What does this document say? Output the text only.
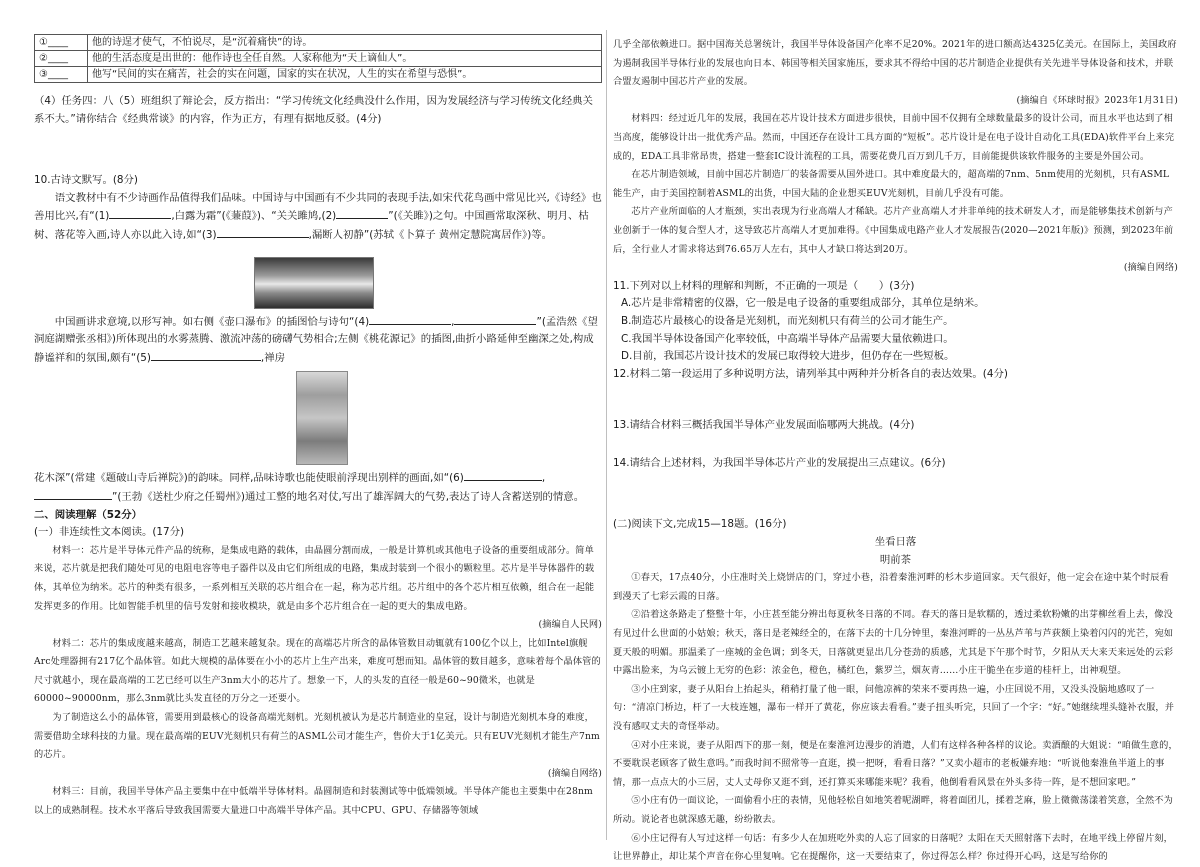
①____	他的诗逞才使气，不怕说尽，是“沉着痛快”的诗。
②____	他的生活态度是出世的：他作诗也全任自然。人家称他为“天上谪仙人”。
③____	他写“民间的实在痛苦，社会的实在问题，国家的实在状况，人生的实在希望与恐惧”。

（4）任务四：八（5）班组织了辩论会，反方指出：“学习传统文化经典没什么作用，因为发展经济与学习传统文化经典关系不大。”请你结合《经典常谈》的内容，作为正方，有理有据地反驳。(4分)

10.古诗文默写。(8分)

语文教材中有不少诗画作品值得我们品味。中国诗与中国画有不少共同的表现手法,如宋代花鸟画中常见比兴,《诗经》也善用比兴,有“(1)	,白露为霜”(《蒹葭》)、“关关雎鸠,(2)	”(《关雎》)之句。中国画常取深秋、明月、枯树、落花等入画,诗人亦以此入诗,如“(3)	,漏断人初静”(苏轼《卜算子 黄州定慧院寓居作》)等。

中国画讲求意境,以形写神。如右侧《壶口瀑布》的插图恰与诗句“(4)	,	”(孟浩然《望洞庭湖赠张丞相》)所体现出的水雾蒸腾、激流冲荡的磅礴气势相合;左侧《桃花源记》的插图,曲折小路延伸至幽深之处,构成静谧祥和的氛围,颇有“(5)	,禅房

花木深”(常建《题破山寺后禅院》)的韵味。同样,品味诗歌也能使眼前浮现出别样的画面,如“(6)	,”(王勃《送杜少府之任蜀州》)通过工整的地名对仗,写出了雄浑阔大的气势,表达了诗人含蓄送别的情意。

二、阅读理解（52分）

(一）非连续性文本阅读。(17分)

材料一：芯片是半导体元件产品的统称，是集成电路的载体，由晶圆分割而成，一般是计算机或其他电子设备的重要组成部分。简单来说，芯片就是把我们随处可见的电阻电容等电子器件以及由它们所组成的电路，集成封装到一个很小的颗粒里。芯片是半导体器件的载体，其单位为纳米。芯片的种类有很多，一系列相互关联的芯片组合在一起，称为芯片组。芯片组中的各个芯片相互依赖，组合在一起能发挥更多的作用。比如智能手机里的信号发射和接收模块，就是由多个芯片组合在一起的更大的集成电路。

(摘编自人民网)

材料二：芯片的集成度越来越高，制造工艺越来越复杂。现在的高端芯片所含的晶体管数目动辄就有100亿个以上，比如Intel旗舰Arc处理器拥有217亿个晶体管。如此大规模的晶体要在小小的芯片上生产出来，难度可想而知。晶体管的数目越多，意味着每个晶体管的尺寸就越小，现在最高端的工艺已经可以生产3nm大小的芯片了。想象一下，人的头发的直径一般是60~90微米，也就是60000~90000nm，那么3nm就比头发直径的万分之一还要小。

为了制造这么小的晶体管，需要用到最核心的设备高端光刻机。光刻机被认为是芯片制造业的皇冠，设计与制造光刻机本身的难度，需要借助全球科技的力量。现在最高端的EUV光刻机只有荷兰的ASML公司才能生产，售价大于1亿美元。只有EUV光刻机才能生产7nm的芯片。

(摘编自网络)

材料三：目前，我国半导体产品主要集中在中低端半导体材料。晶圆制造和封装测试等中低端领域。半导体产能也主要集中在28nm以上的成熟制程。技术水平落后导致我国需要大量进口中高端半导体产品。其中CPU、GPU、存储器等领域

几乎全部依赖进口。据中国海关总署统计，我国半导体设备国产化率不足20%。2021年的进口额高达4325亿美元。在国际上，美国政府为遏制我国半导体行业的发展也向日本、韩国等相关国家施压，要求其不得给中国的芯片制造企业提供有关先进半导体设备和技术，并联合盟友遏制中国芯片产业的发展。

(摘编自《环球时报》2023年1月31日)

材料四：经过近几年的发展，我国在芯片设计技术方面进步很快，目前中国不仅拥有全球数量最多的设计公司，而且水平也达到了相当高度，能够设计出一批优秀产品。然而，中国还存在设计工具方面的“短板”。芯片设计是在电子设计自动化工具(EDA)软件平台上来完成的，EDA工具非常昂贵，搭建一整套IC设计流程的工具，需要花费几百万到几千万，目前能提供该软件服务的主要是外国公司。

在芯片制造领域，目前中国芯片制造厂的装备需要从国外进口。其中难度最大的，超高端的7nm、5nm使用的光刻机，只有ASML能生产，由于美国控制着ASML的出货，中国大陆的企业想买EUV光刻机，目前几乎没有可能。

芯片产业所面临的人才瓶颈，实出表现为行业高端人才稀缺。芯片产业高端人才并非单纯的技术研发人才，而是能够集技术创新与产业创新于一体的复合型人才，这导致芯片高端人才更加难得。《中国集成电路产业人才发展报告(2020—2021年版)》预测，到2023年前后，全行业人才需求将达到76.65万人左右，其中人才缺口将达到20万。

(摘编自网络)

11.下列对以上材料的理解和判断，不正确的一项是（　　）(3分)

A.芯片是非常精密的仪器，它一般是电子设备的重要组成部分，其单位是纳米。

B.制造芯片最核心的设备是光刻机，而光刻机只有荷兰的公司才能生产。

C.我国半导体设备国产化率较低，中高端半导体产品需要大量依赖进口。

D.目前，我国芯片设计技术的发展已取得较大进步，但仍存在一些短板。

12.材料二第一段运用了多种说明方法，请列举其中两种并分析各自的表达效果。(4分)

13.请结合材料三概括我国半导体产业发展面临哪两大挑战。(4分)

14.请结合上述材料，为我国半导体芯片产业的发展提出三点建议。(6分)

(二)阅读下文,完成15—18题。(16分)

坐看日落

明前茶

①春天，17点40分，小庄准时关上烧饼店的门，穿过小巷，沿着秦淮河畔的杉木步道回家。天气很好，他一定会在途中某个时辰看到漫天了七彩云霞的日落。

②沿着这条路走了整整十年，小庄甚至能分辨出每夏秋冬日落的不同。春天的落日是软糯的，透过柔软粉嫩的出芽柳丝看上去，像没有见过什么世面的小姑娘；秋天，落日是老辣经全的，在落下去的十几分钟里，秦淮河畔的一丛丛芦苇与芦荻额上染着闪闪的光芒，宛如夏天般的明媚。那温柔了一座城的金色调；到冬天，日落就更显出几分苍劲的质感，尤其是下午那个时节，夕阳从天大来天来远处的云彩中露出脸来，为乌云镀上无穷的色彩：浓金色，橙色，橘红色，紫罗兰，烟灰青……小庄干脆坐在步道的桂杆上，出神观望。

③小庄到家，妻子从阳台上抬起头，稍稍打量了他一眼，问他凉裤的荣来不要再热一遍，小庄回说不用，又没头没脑地感叹了一句：“清凉门桥边，杆了一大枝连翘，瀑布一样开了黄花，你应该去看看。”妻子扭头听完，只回了一个字：“好。”她继续埋头缝补衣服，并没有感叹丈夫的奇怪举动。

④对小庄来说，妻子从阳西下的那一刻，便是在秦淮河边漫步的消遣，人们有这样各种各样的议论。卖酒酿的大姐说：“咱做生意的，不要耽误老顾客了做生意吗。”而我时间不照常等一直逛，摸一把呀，看看日落？”又卖小超市的老板嫌弃地：“听说他秦淮鱼半道上的事情，那一点点大的小三居，丈人丈母你又逛不到，还打算买来哪能来呢？我看，他倒看看风景在外头多待一阵，是不想回家吧。”

⑤小庄有仍一面议论，一面偷看小庄的表情，见他轻松自如地笑着呢湖畔，将着面团儿，揉着芝麻，脸上微微荡漾着笑意，全然不为所动。说论者也就深感无趣，纷纷散去。

⑥小庄记得有人写过这样一句话：有多少人在加班吃外卖的人忘了回家的日落呢？太阳在天天照射落下去时，在地平线上停留片刻，让世界静止，却让某个声音在你心里复响。它在提醒你，这一天要结束了，你过得怎么样？你过得开心吗，这是写给你的
